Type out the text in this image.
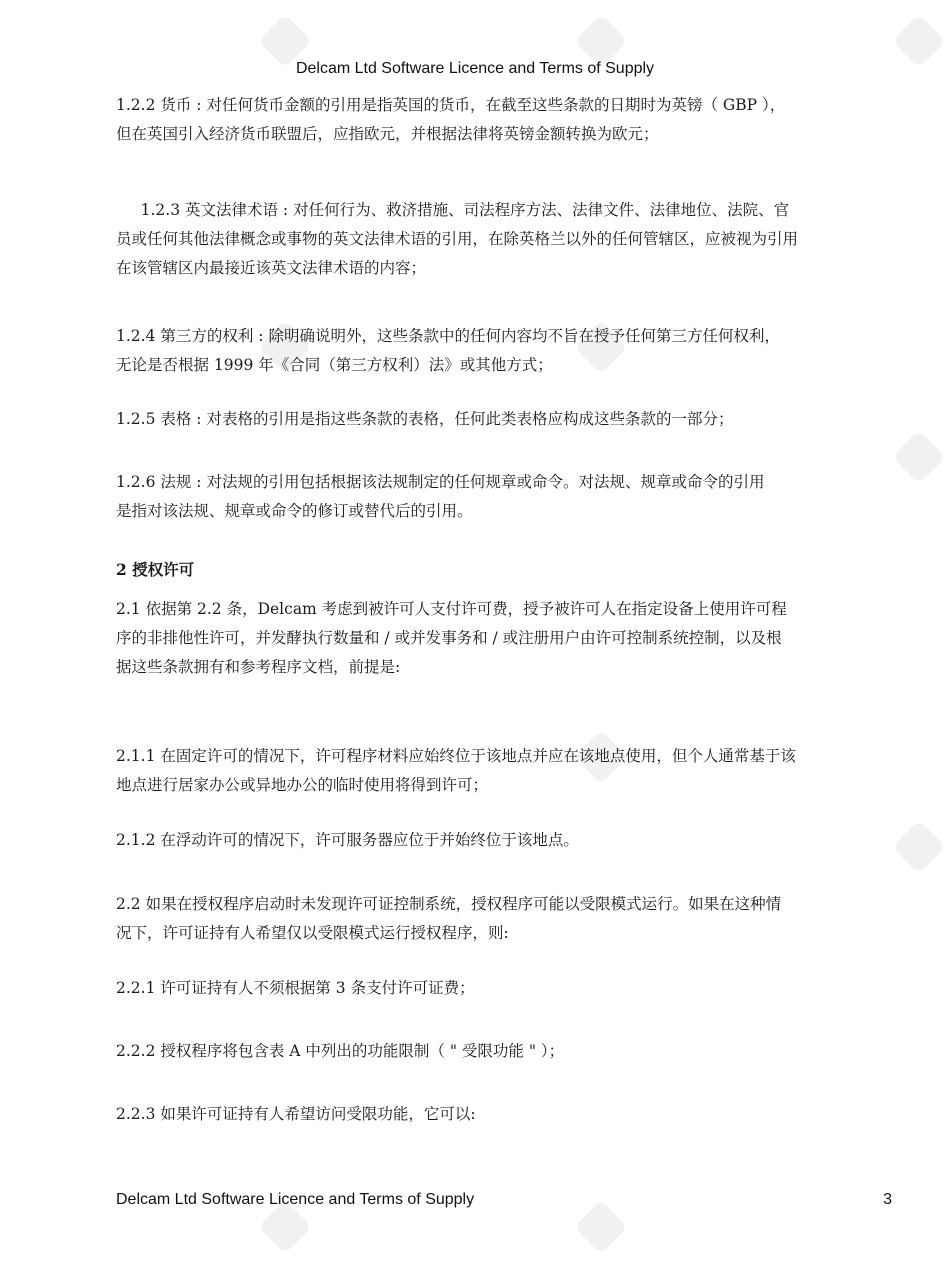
Delcam Ltd Software Licence and Terms of Supply
1.2.2 货币 : 对任何货币金额的引用是指英国的货币，在截至这些条款的日期时为英镑（ GBP ），
但在英国引入经济货币联盟后，应指欧元，并根据法律将英镑金额转换为欧元；
1.2.3 英文法律术语 : 对任何行为、救济措施、司法程序方法、法律文件、法律地位、法院、官
员或任何其他法律概念或事物的英文法律术语的引用，在除英格兰以外的任何管辖区，应被视为引用
在该管辖区内最接近该英文法律术语的内容；
1.2.4 第三方的权利 : 除明确说明外，这些条款中的任何内容均不旨在授予任何第三方任何权利，
无论是否根据 1999 年《合同（第三方权利）法》或其他方式；
1.2.5 表格 : 对表格的引用是指这些条款的表格，任何此类表格应构成这些条款的一部分；
1.2.6 法规 : 对法规的引用包括根据该法规制定的任何规章或命令。对法规、规章或命令的引用
是指对该法规、规章或命令的修订或替代后的引用。
2 授权许可
2.1 依据第 2.2 条，Delcam 考虑到被许可人支付许可费，授予被许可人在指定设备上使用许可程
序的非排他性许可，并发酵执行数量和 / 或并发事务和 / 或注册用户由许可控制系统控制，以及根
据这些条款拥有和参考程序文档，前提是:
2.1.1 在固定许可的情况下，许可程序材料应始终位于该地点并应在该地点使用，但个人通常基于该
地点进行居家办公或异地办公的临时使用将得到许可；
2.1.2 在浮动许可的情况下，许可服务器应位于并始终位于该地点。
2.2 如果在授权程序启动时未发现许可证控制系统，授权程序可能以受限模式运行。如果在这种情
况下，许可证持有人希望仅以受限模式运行授权程序，则:
2.2.1 许可证持有人不须根据第 3 条支付许可证费；
2.2.2 授权程序将包含表 A 中列出的功能限制（ " 受限功能 " ）；
2.2.3 如果许可证持有人希望访问受限功能，它可以:
Delcam Ltd Software Licence and Terms of Supply	3
